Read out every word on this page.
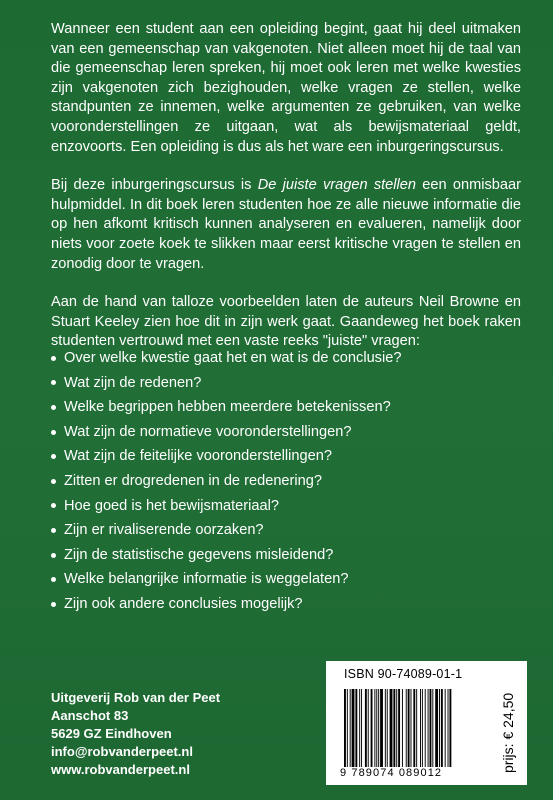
Wanneer een student aan een opleiding begint, gaat hij deel uitmaken van een gemeenschap van vakgenoten. Niet alleen moet hij de taal van die gemeenschap leren spreken, hij moet ook leren met welke kwesties zijn vakgenoten zich bezighouden, welke vragen ze stellen, welke standpunten ze innemen, welke argumenten ze gebruiken, van welke vooronderstellingen ze uitgaan, wat als bewijsmateriaal geldt, enzovoorts. Een opleiding is dus als het ware een inburgeringscursus.

Bij deze inburgeringscursus is De juiste vragen stellen een onmisbaar hulpmiddel. In dit boek leren studenten hoe ze alle nieuwe informatie die op hen afkomt kritisch kunnen analyseren en evalueren, namelijk door niets voor zoete koek te slikken maar eerst kritische vragen te stellen en zonodig door te vragen.

Aan de hand van talloze voorbeelden laten de auteurs Neil Browne en Stuart Keeley zien hoe dit in zijn werk gaat. Gaandeweg het boek raken studenten vertrouwd met een vaste reeks "juiste" vragen:

Over welke kwestie gaat het en wat is de conclusie?
Wat zijn de redenen?
Welke begrippen hebben meerdere betekenissen?
Wat zijn de normatieve vooronderstellingen?
Wat zijn de feitelijke vooronderstellingen?
Zitten er drogredenen in de redenering?
Hoe goed is het bewijsmateriaal?
Zijn er rivaliserende oorzaken?
Zijn de statistische gegevens misleidend?
Welke belangrijke informatie is weggelaten?
Zijn ook andere conclusies mogelijk?
Uitgeverij Rob van der Peet
Aanschot 83
5629 GZ Eindhoven
info@robvanderpeet.nl
www.robvanderpeet.nl
ISBN 90-74089-01-1
9 789074 089012	prijs: € 24,50
